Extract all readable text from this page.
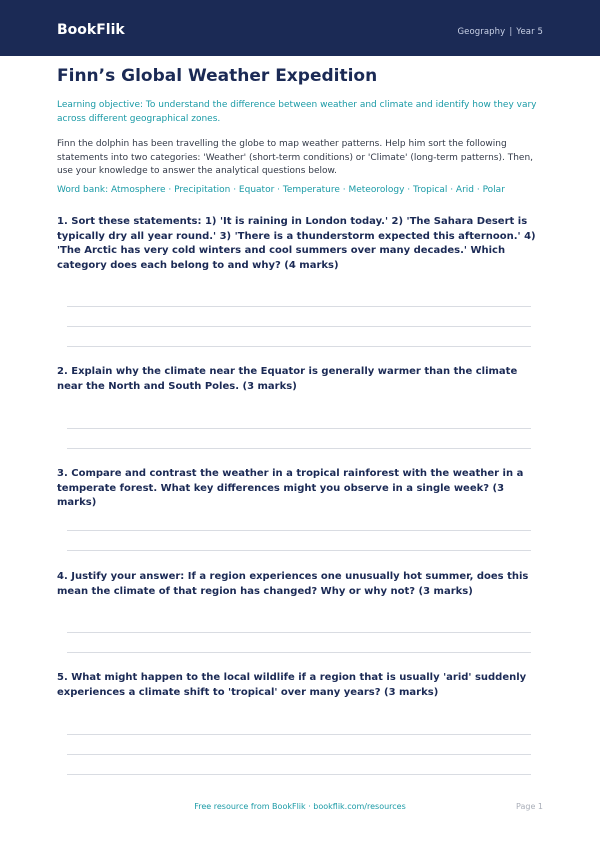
BookFlik	Geography | Year 5
Finn’s Global Weather Expedition
Learning objective: To understand the difference between weather and climate and identify how they vary across different geographical zones.
Finn the dolphin has been travelling the globe to map weather patterns. Help him sort the following statements into two categories: 'Weather' (short-term conditions) or 'Climate' (long-term patterns). Then, use your knowledge to answer the analytical questions below.
Word bank: Atmosphere · Precipitation · Equator · Temperature · Meteorology · Tropical · Arid · Polar
1. Sort these statements: 1) 'It is raining in London today.' 2) 'The Sahara Desert is typically dry all year round.' 3) 'There is a thunderstorm expected this afternoon.' 4) 'The Arctic has very cold winters and cool summers over many decades.' Which category does each belong to and why? (4 marks)
2. Explain why the climate near the Equator is generally warmer than the climate near the North and South Poles. (3 marks)
3. Compare and contrast the weather in a tropical rainforest with the weather in a temperate forest. What key differences might you observe in a single week? (3 marks)
4. Justify your answer: If a region experiences one unusually hot summer, does this mean the climate of that region has changed? Why or why not? (3 marks)
5. What might happen to the local wildlife if a region that is usually 'arid' suddenly experiences a climate shift to 'tropical' over many years? (3 marks)
Free resource from BookFlik · bookflik.com/resources	Page 1
